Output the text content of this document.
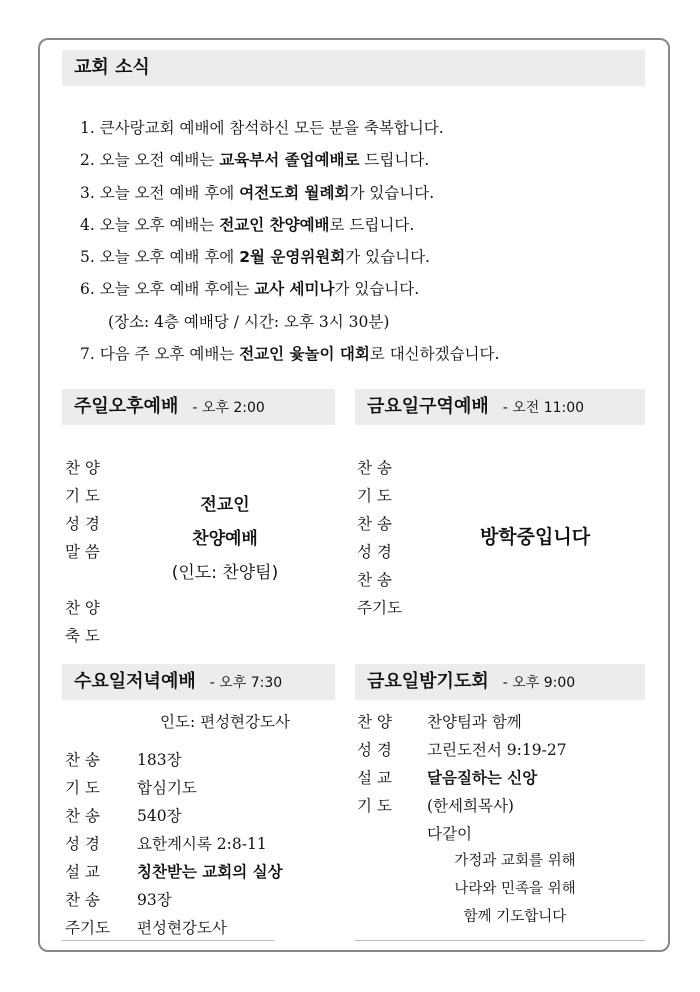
교회 소식
1. 큰사랑교회 예배에 참석하신 모든 분을 축복합니다.
2. 오늘 오전 예배는 교육부서 졸업예배로 드립니다.
3. 오늘 오전 예배 후에 여전도회 월례회가 있습니다.
4. 오늘 오후 예배는 전교인 찬양예배로 드립니다.
5. 오늘 오후 예배 후에 2월 운영위원회가 있습니다.
6. 오늘 오후 예배 후에는 교사 세미나가 있습니다.
(장소: 4층 예배당 / 시간: 오후 3시 30분)
7. 다음 주 오후 예배는 전교인 윷놀이 대회로 대신하겠습니다.
주일오후예배 - 오후 2:00
찬 양
기 도
성 경
말 씀
찬 양
축 도
전교인
찬양예배
(인도: 찬양팀)
금요일구역예배 - 오전 11:00
찬 송
기 도
찬 송
성 경
찬 송
주기도
방학중입니다
수요일저녁예배 - 오후 7:30
인도: 편성현강도사
찬 송 183장
기 도 합심기도
찬 송 540장
성 경 요한계시록 2:8-11
설 교 칭찬받는 교회의 실상
찬 송 93장
주기도 편성현강도사
금요일밤기도회 - 오후 9:00
찬 양 찬양팀과 함께
성 경 고린도전서 9:19-27
설 교 달음질하는 신앙
기 도 (한세희목사)
다같이
가정과 교회를 위해
나라와 민족을 위해
함께 기도합니다
